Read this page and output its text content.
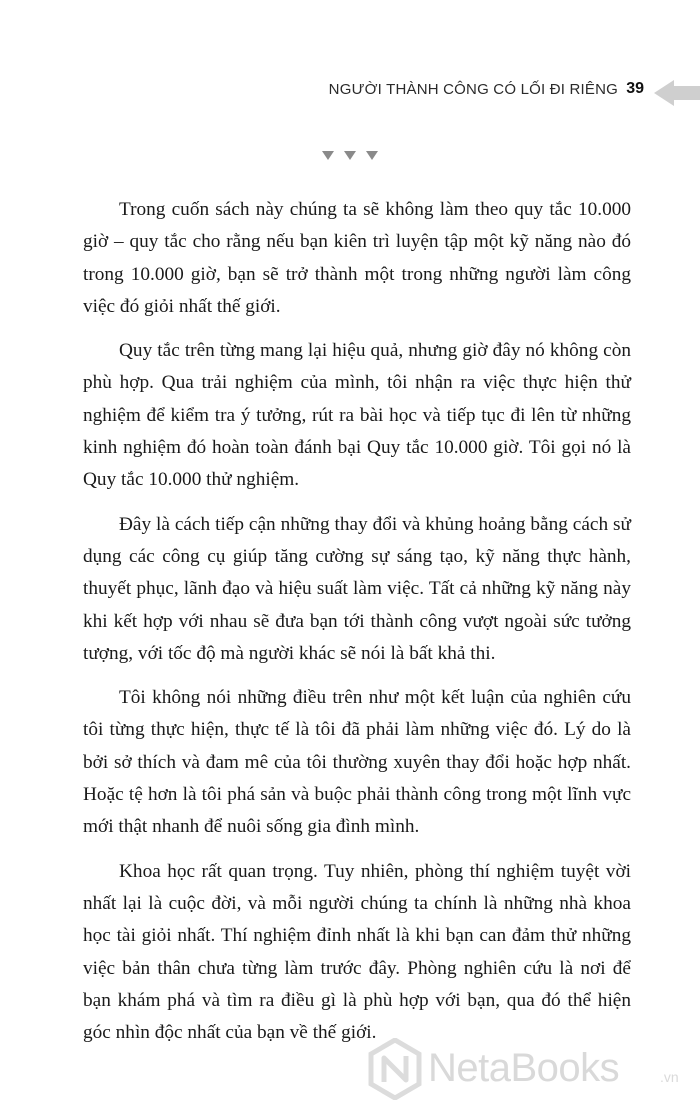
NGƯỜI THÀNH CÔNG CÓ LỐI ĐI RIÊNG 39

Trong cuốn sách này chúng ta sẽ không làm theo quy tắc 10.000 giờ – quy tắc cho rằng nếu bạn kiên trì luyện tập một kỹ năng nào đó trong 10.000 giờ, bạn sẽ trở thành một trong những người làm công việc đó giỏi nhất thế giới.

Quy tắc trên từng mang lại hiệu quả, nhưng giờ đây nó không còn phù hợp. Qua trải nghiệm của mình, tôi nhận ra việc thực hiện thử nghiệm để kiểm tra ý tưởng, rút ra bài học và tiếp tục đi lên từ những kinh nghiệm đó hoàn toàn đánh bại Quy tắc 10.000 giờ. Tôi gọi nó là Quy tắc 10.000 thử nghiệm.

Đây là cách tiếp cận những thay đổi và khủng hoảng bằng cách sử dụng các công cụ giúp tăng cường sự sáng tạo, kỹ năng thực hành, thuyết phục, lãnh đạo và hiệu suất làm việc. Tất cả những kỹ năng này khi kết hợp với nhau sẽ đưa bạn tới thành công vượt ngoài sức tưởng tượng, với tốc độ mà người khác sẽ nói là bất khả thi.

Tôi không nói những điều trên như một kết luận của nghiên cứu tôi từng thực hiện, thực tế là tôi đã phải làm những việc đó. Lý do là bởi sở thích và đam mê của tôi thường xuyên thay đổi hoặc hợp nhất. Hoặc tệ hơn là tôi phá sản và buộc phải thành công trong một lĩnh vực mới thật nhanh để nuôi sống gia đình mình.

Khoa học rất quan trọng. Tuy nhiên, phòng thí nghiệm tuyệt vời nhất lại là cuộc đời, và mỗi người chúng ta chính là những nhà khoa học tài giỏi nhất. Thí nghiệm đỉnh nhất là khi bạn can đảm thử những việc bản thân chưa từng làm trước đây. Phòng nghiên cứu là nơi để bạn khám phá và tìm ra điều gì là phù hợp với bạn, qua đó thể hiện góc nhìn độc nhất của bạn về thế giới.

NetaBooks	.vn
